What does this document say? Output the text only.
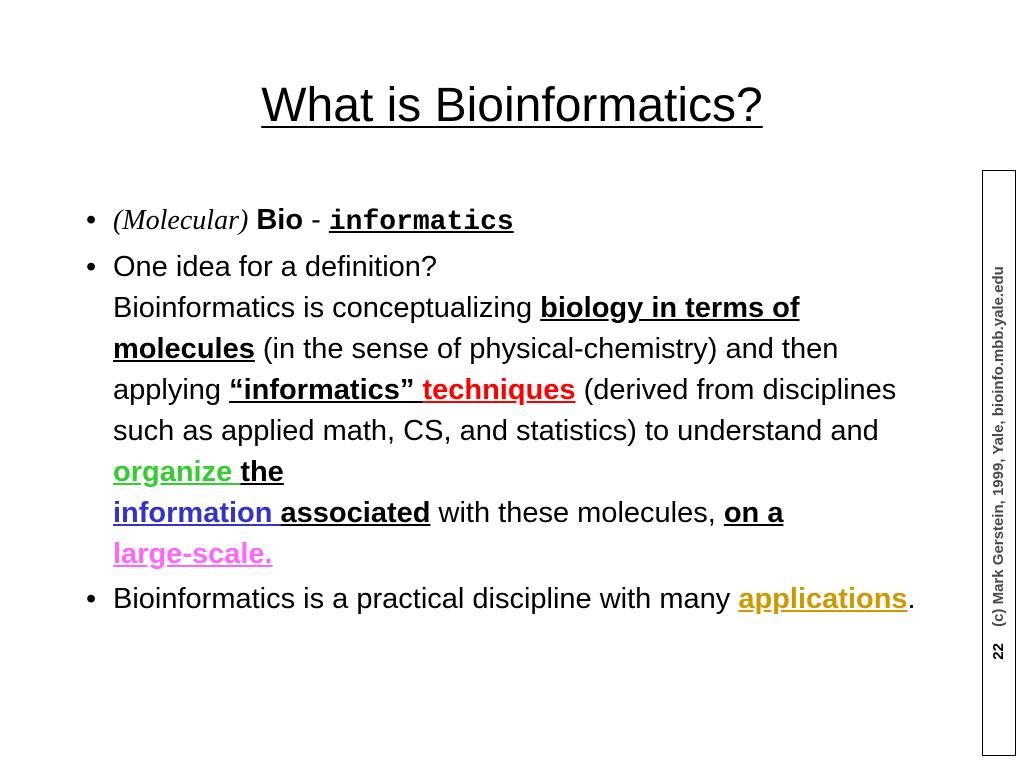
What is Bioinformatics?
• (Molecular) Bio - informatics
• One idea for a definition?
Bioinformatics is conceptualizing biology in terms of molecules (in the sense of physical-chemistry) and then applying “informatics” techniques (derived from disciplines such as applied math, CS, and statistics) to understand and organize the
information associated with these molecules, on a
large-scale.
• Bioinformatics is a practical discipline with many applications.
22 (c) Mark Gerstein, 1999, Yale, bioinfo.mbb.yale.edu
